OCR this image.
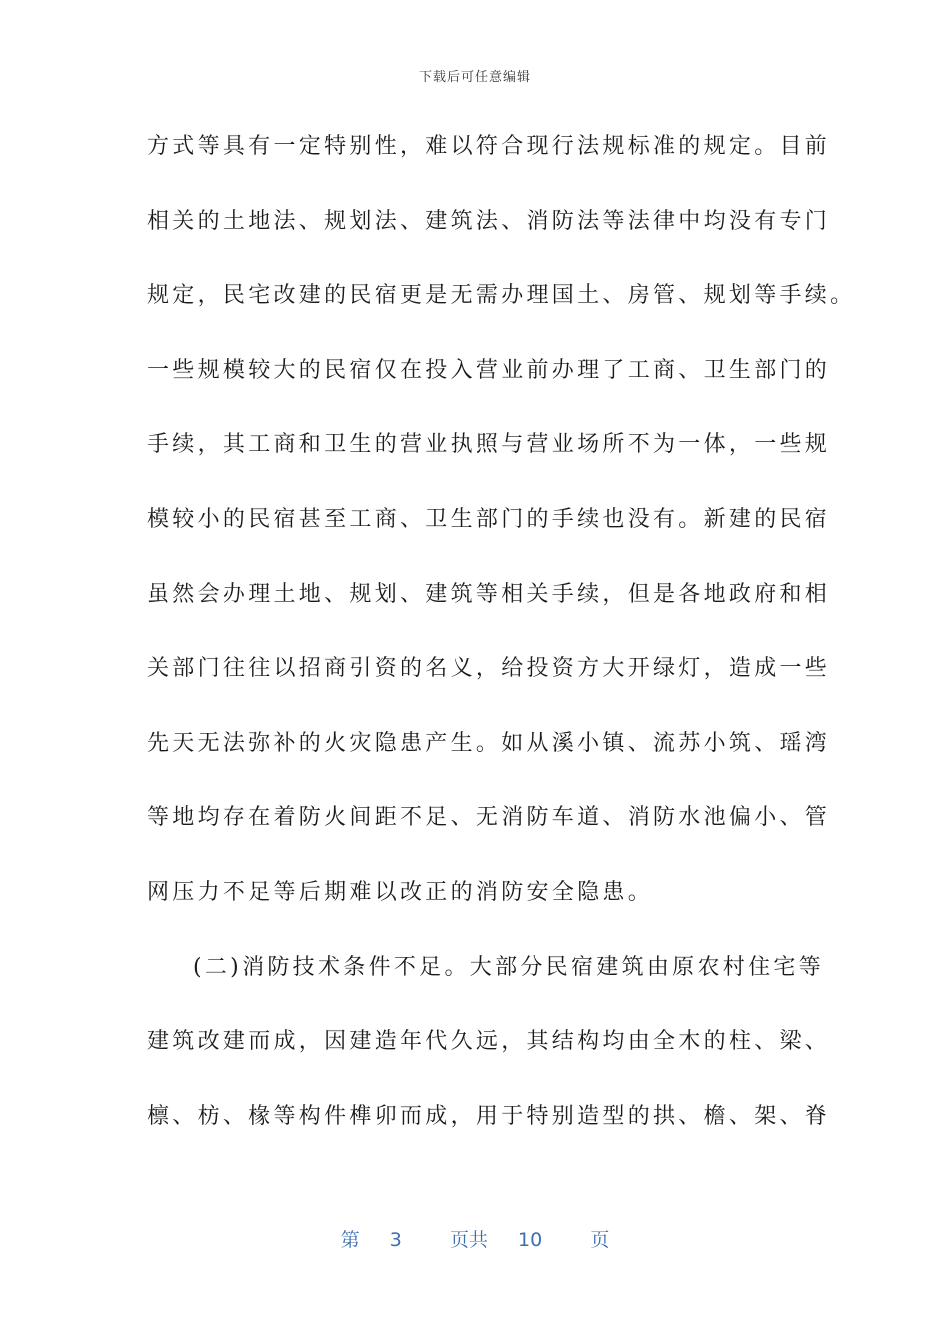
下载后可任意编辑
方式等具有一定特别性，难以符合现行法规标准的规定。目前
相关的土地法、规划法、建筑法、消防法等法律中均没有专门
规定，民宅改建的民宿更是无需办理国土、房管、规划等手续。
一些规模较大的民宿仅在投入营业前办理了工商、卫生部门的
手续，其工商和卫生的营业执照与营业场所不为一体，一些规
模较小的民宿甚至工商、卫生部门的手续也没有。新建的民宿
虽然会办理土地、规划、建筑等相关手续，但是各地政府和相
关部门往往以招商引资的名义，给投资方大开绿灯，造成一些
先天无法弥补的火灾隐患产生。如从溪小镇、流苏小筑、瑶湾
等地均存在着防火间距不足、无消防车道、消防水池偏小、管
网压力不足等后期难以改正的消防安全隐患。
(二)消防技术条件不足。大部分民宿建筑由原农村住宅等
建筑改建而成，因建造年代久远，其结构均由全木的柱、梁、
檩、枋、椽等构件榫卯而成，用于特别造型的拱、檐、架、脊
第 3	页共 10	页
